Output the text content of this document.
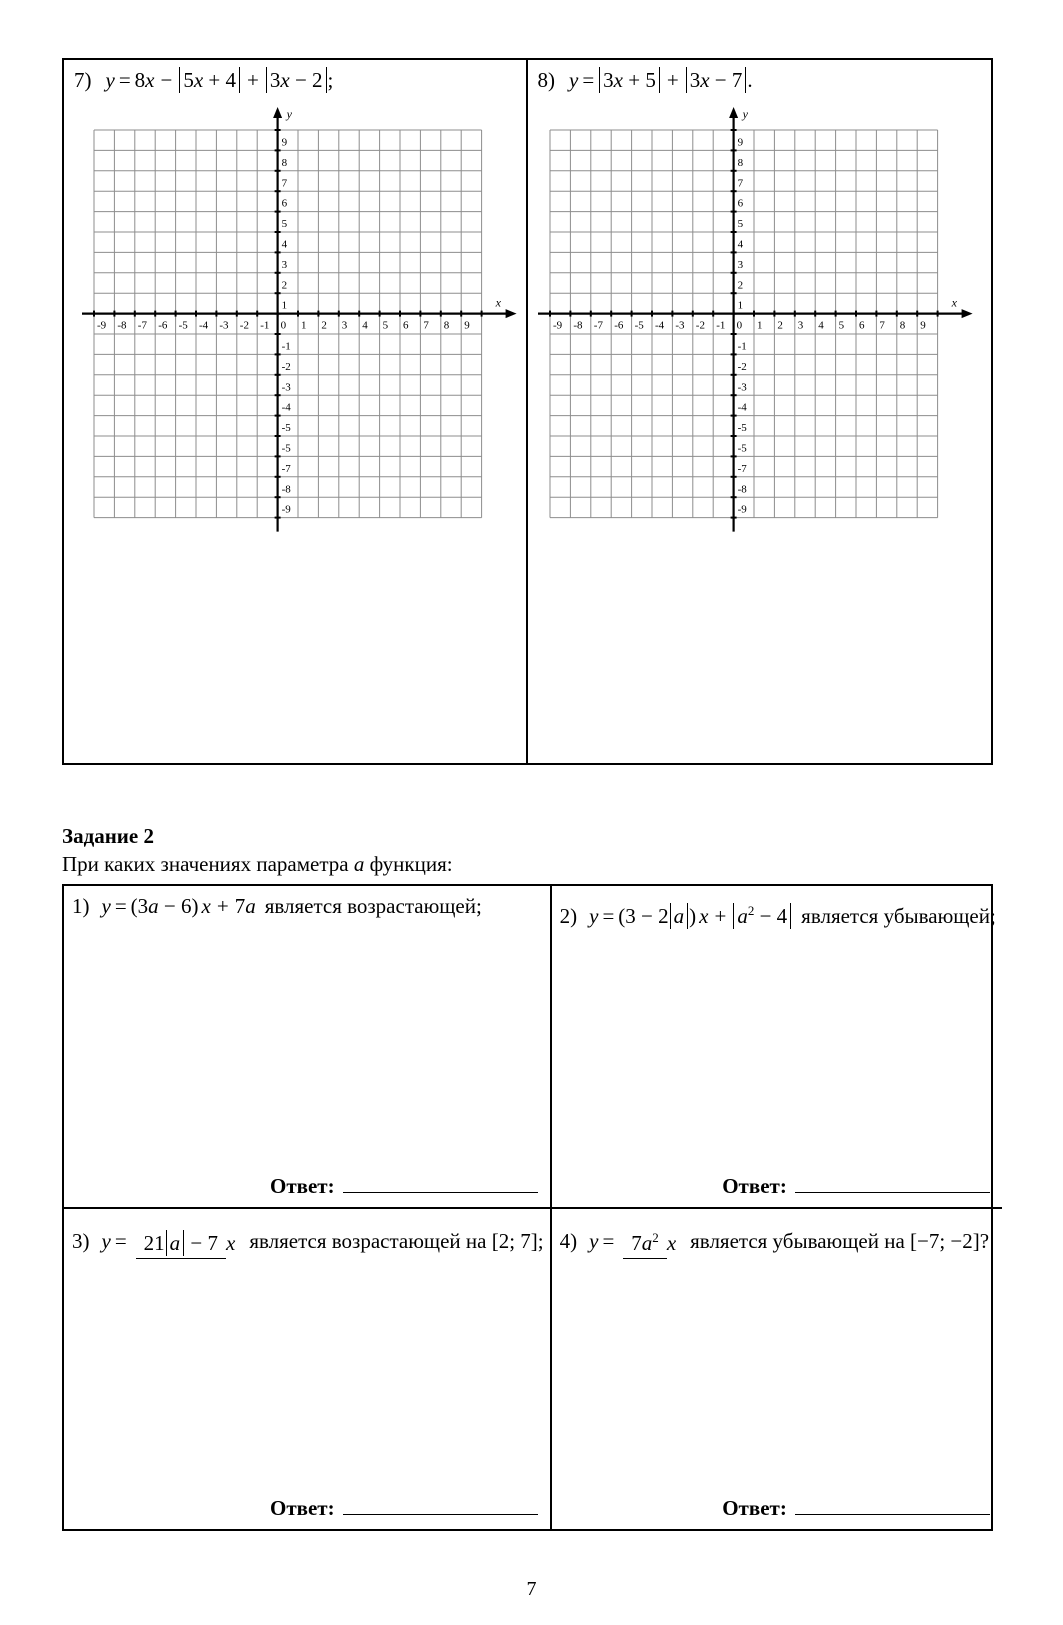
7) y = 8x − 5x + 4 + 3x − 2 ;
-9 -8 -7 -6 -5 -4 -3 -2 -1 0 1 2 3 4 5 6 7 8 9
9
8
7
6
5
4
3
2
1
-1
-2
-3
-4
-5
-5
-7
-8
-9
y
x
8) y = 3x + 5 + 3x − 7 .
-9 -8 -7 -6 -5 -4 -3 -2 -1 0 1 2 3 4 5 6 7 8 9
9
8
7
6
5
4
3
2
1
-1
-2
-3
-4
-5
-5
-7
-8
-9
y
x
Задание 2
При каких значениях параметра a функция:
1) y = (3a − 6) x + 7a является возрастающей;
Ответ:
2) y = (3 − 2 a ) $x + a^2 - 4$ является убывающей;
Ответ:
3) y = 21 a − 7 x является возрастающей на [2; 7];
Ответ:
4) $y = 7a^2$ x является убывающей на [−7; −2]?
Ответ:
7
